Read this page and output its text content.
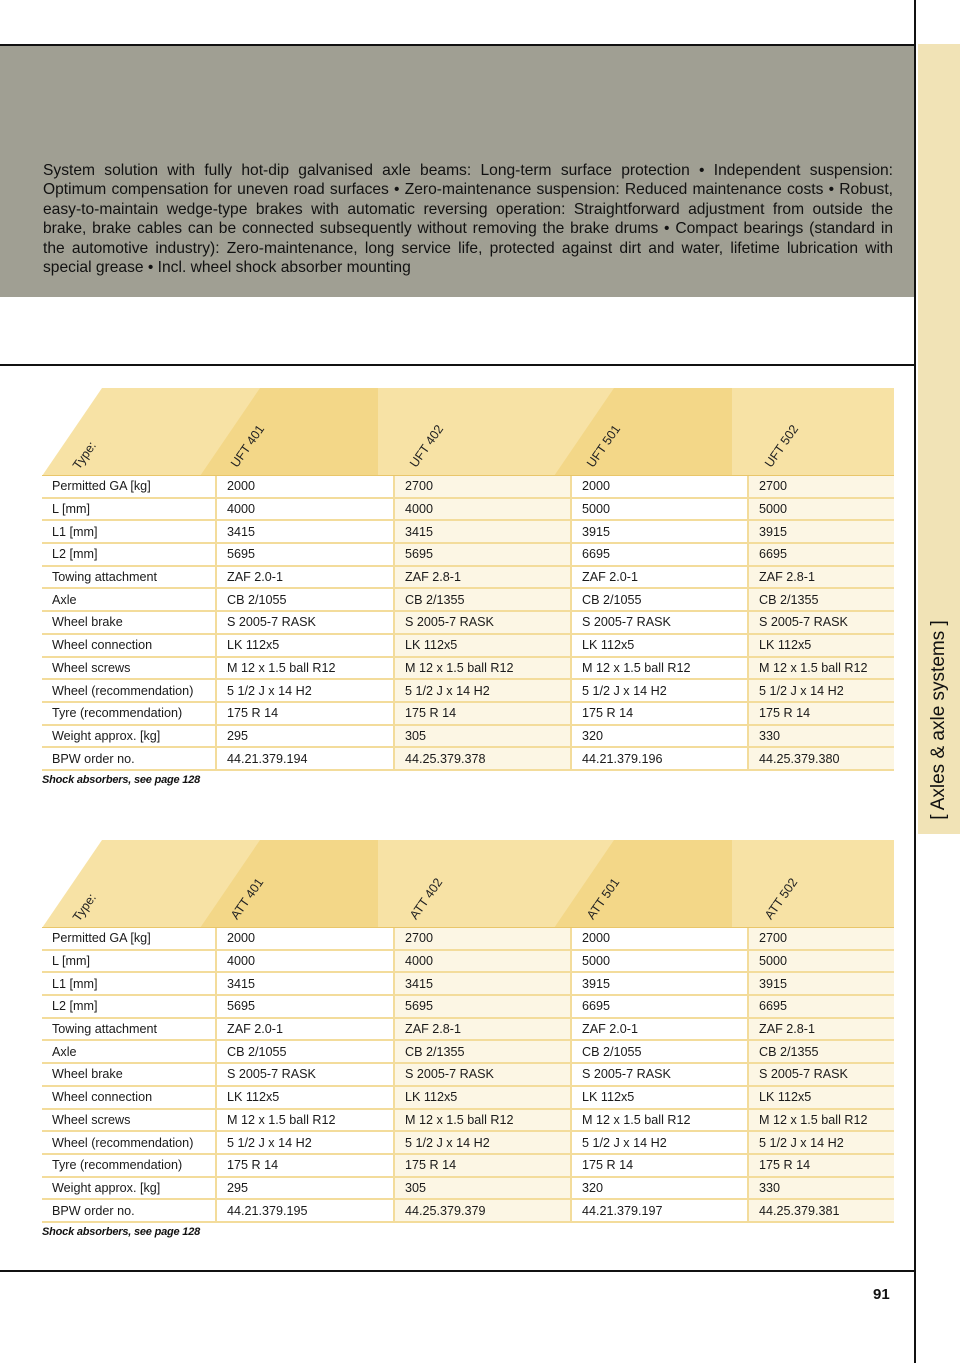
[ Axles & axle systems ]

System solution with fully hot-dip galvanised axle beams: Long-term surface protection • Independent suspension: Optimum compensation for uneven road surfaces • Zero-maintenance suspension: Reduced maintenance costs • Robust, easy-to-maintain wedge-type brakes with automatic reversing operation: Straightforward adjustment from outside the brake, brake cables can be connected subsequently without removing the brake drums • Compact bearings (standard in the automotive industry): Zero-maintenance, long service life, protected against dirt and water, lifetime lubrication with special grease • Incl. wheel shock absorber mounting

Type:	UFT 401	UFT 402	UFT 501	UFT 502
Permitted GA [kg]	2000	2700	2000	2700
L [mm]	4000	4000	5000	5000
L1 [mm]	3415	3415	3915	3915
L2 [mm]	5695	5695	6695	6695
Towing attachment	ZAF 2.0-1	ZAF 2.8-1	ZAF 2.0-1	ZAF 2.8-1
Axle	CB 2/1055	CB 2/1355	CB 2/1055	CB 2/1355
Wheel brake	S 2005-7 RASK	S 2005-7 RASK	S 2005-7 RASK	S 2005-7 RASK
Wheel connection	LK 112x5	LK 112x5	LK 112x5	LK 112x5
Wheel screws	M 12 x 1.5 ball R12	M 12 x 1.5 ball R12	M 12 x 1.5 ball R12	M 12 x 1.5 ball R12
Wheel (recommendation)	5 1/2 J x 14 H2	5 1/2 J x 14 H2	5 1/2 J x 14 H2	5 1/2 J x 14 H2
Tyre (recommendation)	175 R 14	175 R 14	175 R 14	175 R 14
Weight approx. [kg]	295	305	320	330
BPW order no.	44.21.379.194	44.25.379.378	44.21.379.196	44.25.379.380
Shock absorbers, see page 128
Type:	ATT 401	ATT 402	ATT 501	ATT 502
Permitted GA [kg]	2000	2700	2000	2700
L [mm]	4000	4000	5000	5000
L1 [mm]	3415	3415	3915	3915
L2 [mm]	5695	5695	6695	6695
Towing attachment	ZAF 2.0-1	ZAF 2.8-1	ZAF 2.0-1	ZAF 2.8-1
Axle	CB 2/1055	CB 2/1355	CB 2/1055	CB 2/1355
Wheel brake	S 2005-7 RASK	S 2005-7 RASK	S 2005-7 RASK	S 2005-7 RASK
Wheel connection	LK 112x5	LK 112x5	LK 112x5	LK 112x5
Wheel screws	M 12 x 1.5 ball R12	M 12 x 1.5 ball R12	M 12 x 1.5 ball R12	M 12 x 1.5 ball R12
Wheel (recommendation)	5 1/2 J x 14 H2	5 1/2 J x 14 H2	5 1/2 J x 14 H2	5 1/2 J x 14 H2
Tyre (recommendation)	175 R 14	175 R 14	175 R 14	175 R 14
Weight approx. [kg]	295	305	320	330
BPW order no.	44.21.379.195	44.25.379.379	44.21.379.197	44.25.379.381
Shock absorbers, see page 128
91
